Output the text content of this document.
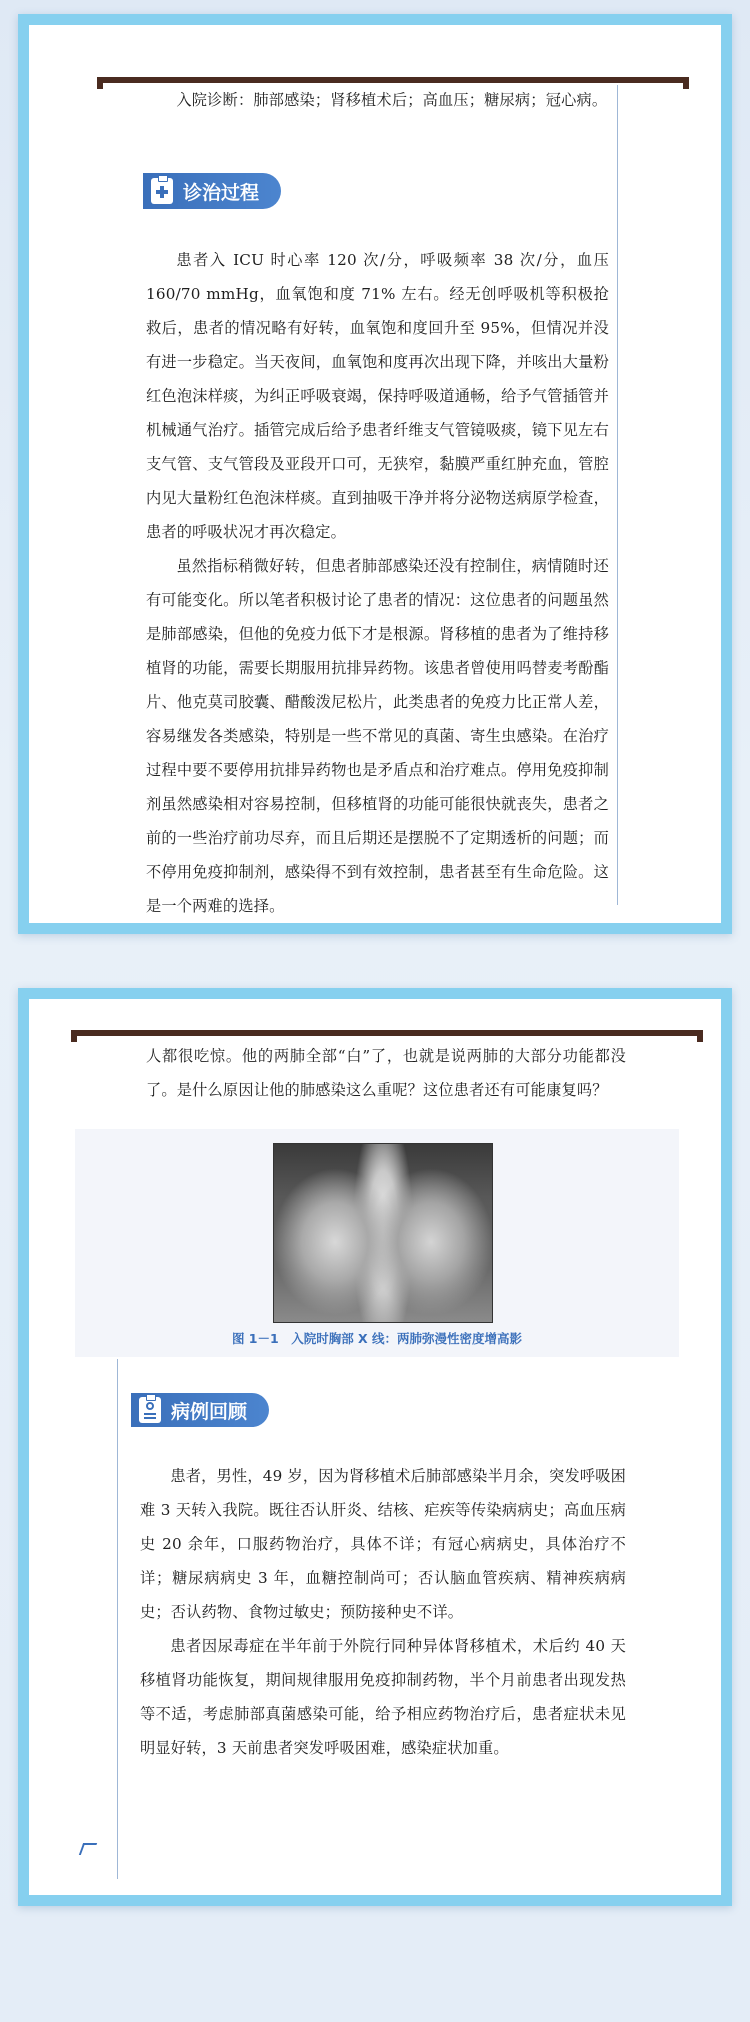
入院诊断：肺部感染；肾移植术后；高血压；糖尿病；冠心病。

诊治过程

患者入 ICU 时心率 120 次/分，呼吸频率 38 次/分，血压 160/70 mmHg，血氧饱和度 71% 左右。经无创呼吸机等积极抢救后，患者的情况略有好转，血氧饱和度回升至 95%，但情况并没有进一步稳定。当天夜间，血氧饱和度再次出现下降，并咳出大量粉红色泡沫样痰，为纠正呼吸衰竭，保持呼吸道通畅，给予气管插管并机械通气治疗。插管完成后给予患者纤维支气管镜吸痰，镜下见左右支气管、支气管段及亚段开口可，无狭窄，黏膜严重红肿充血，管腔内见大量粉红色泡沫样痰。直到抽吸干净并将分泌物送病原学检查，患者的呼吸状况才再次稳定。

虽然指标稍微好转，但患者肺部感染还没有控制住，病情随时还有可能变化。所以笔者积极讨论了患者的情况：这位患者的问题虽然是肺部感染，但他的免疫力低下才是根源。肾移植的患者为了维持移植肾的功能，需要长期服用抗排异药物。该患者曾使用吗替麦考酚酯片、他克莫司胶囊、醋酸泼尼松片，此类患者的免疫力比正常人差，容易继发各类感染，特别是一些不常见的真菌、寄生虫感染。在治疗过程中要不要停用抗排异药物也是矛盾点和治疗难点。停用免疫抑制剂虽然感染相对容易控制，但移植肾的功能可能很快就丧失，患者之前的一些治疗前功尽弃，而且后期还是摆脱不了定期透析的问题；而不停用免疫抑制剂，感染得不到有效控制，患者甚至有生命危险。这是一个两难的选择。

人都很吃惊。他的两肺全部“白”了，也就是说两肺的大部分功能都没了。是什么原因让他的肺感染这么重呢？这位患者还有可能康复吗？

图 1－1　入院时胸部 X 线：两肺弥漫性密度增高影
病例回顾

患者，男性，49 岁，因为肾移植术后肺部感染半月余，突发呼吸困难 3 天转入我院。既往否认肝炎、结核、疟疾等传染病病史；高血压病史 20 余年，口服药物治疗，具体不详；有冠心病病史，具体治疗不详；糖尿病病史 3 年，血糖控制尚可；否认脑血管疾病、精神疾病病史；否认药物、食物过敏史；预防接种史不详。

患者因尿毒症在半年前于外院行同种异体肾移植术，术后约 40 天移植肾功能恢复，期间规律服用免疫抑制药物，半个月前患者出现发热等不适，考虑肺部真菌感染可能，给予相应药物治疗后，患者症状未见明显好转，3 天前患者突发呼吸困难，感染症状加重。
